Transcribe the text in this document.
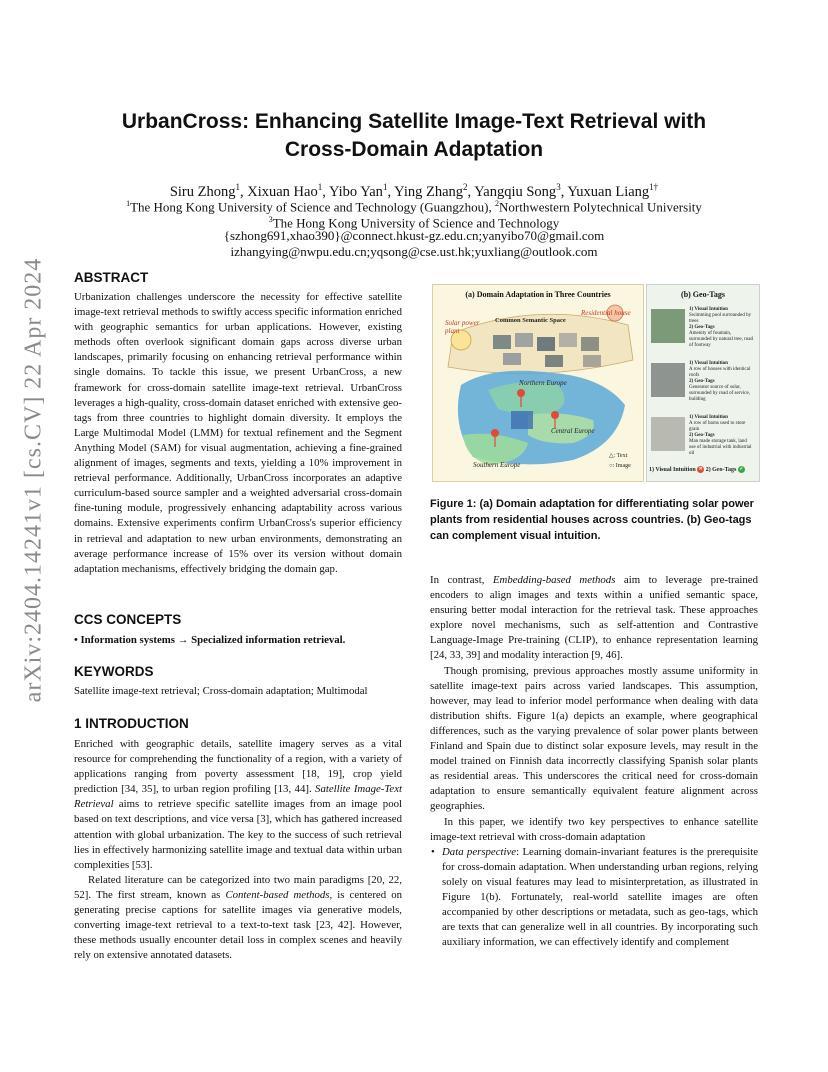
arXiv:2404.14241v1 [cs.CV] 22 Apr 2024
UrbanCross: Enhancing Satellite Image-Text Retrieval with Cross-Domain Adaptation
Siru Zhong$^1$, Xixuan Hao$^1$, Yibo Yan$^1$, Ying Zhang$^2$, Yangqiu Song$^3$, Yuxuan Liang$^{1\dagger}$
$^1$The Hong Kong University of Science and Technology (Guangzhou), $^2$Northwestern Polytechnical University
$^3$The Hong Kong University of Science and Technology
{szhong691,xhao390}@connect.hkust-gz.edu.cn;yanyibo70@gmail.com
izhangying@nwpu.edu.cn;yqsong@cse.ust.hk;yuxliang@outlook.com
ABSTRACT

Urbanization challenges underscore the necessity for effective satellite image-text retrieval methods to swiftly access specific information enriched with geographic semantics for urban applications. However, existing methods often overlook significant domain gaps across diverse urban landscapes, primarily focusing on enhancing retrieval performance within single domains. To tackle this issue, we present UrbanCross, a new framework for cross-domain satellite image-text retrieval. UrbanCross leverages a high-quality, cross-domain dataset enriched with extensive geo-tags from three countries to highlight domain diversity. It employs the Large Multimodal Model (LMM) for textual refinement and the Segment Anything Model (SAM) for visual augmentation, achieving a fine-grained alignment of images, segments and texts, yielding a 10% improvement in retrieval performance. Additionally, UrbanCross incorporates an adaptive curriculum-based source sampler and a weighted adversarial cross-domain fine-tuning module, progressively enhancing adaptability across various domains. Extensive experiments confirm UrbanCross's superior efficiency in retrieval and adaptation to new urban environments, demonstrating an average performance increase of 15% over its version without domain adaptation mechanisms, effectively bridging the domain gap.

CCS CONCEPTS
• Information systems → Specialized information retrieval.
KEYWORDS
Satellite image-text retrieval; Cross-domain adaptation; Multimodal
1 INTRODUCTION

Enriched with geographic details, satellite imagery serves as a vital resource for comprehending the functionality of a region, with a variety of applications ranging from poverty assessment [18, 19], crop yield prediction [34, 35], to urban region profiling [13, 44]. Satellite Image-Text Retrieval aims to retrieve specific satellite images from an image pool based on text descriptions, and vice versa [3], which has gathered increased attention with global urbanization. The key to the success of such retrieval lies in effectively harmonizing satellite image and textual data within urban complexities [53].

Related literature can be categorized into two main paradigms [20, 22, 52]. The first stream, known as Content-based methods, is centered on generating precise captions for satellite images via generative models, converting image-text retrieval to a text-to-text task [23, 42]. However, these methods usually encounter detail loss in complex scenes and heavily rely on extensive annotated datasets.

(a) Domain Adaptation in Three Countries
Solar power plant
Residential house
Common Semantic Space
Northern Europe
Central Europe
Southern Europe
△: Text
○: Image
(b) Geo-Tags
1) Visual Intuition
Swimming pool surrounded by trees
2) Geo-Tags
Amenity of fountain, surrounded by natural tree, road of footway
1) Visual Intuition
A row of houses with identical roofs
2) Geo-Tags
Generator source of solar, surrounded by road of service, building
1) Visual Intuition
A row of barns used to store grain
2) Geo-Tags
Man made storage tank, land use of industrial with industrial oil
1) Visual Intuition ✕ 2) Geo-Tags ✓
Figure 1: (a) Domain adaptation for differentiating solar power plants from residential houses across countries. (b) Geo-tags can complement visual intuition.

In contrast, Embedding-based methods aim to leverage pre-trained encoders to align images and texts within a unified semantic space, ensuring better modal interaction for the retrieval task. These approaches explore novel mechanisms, such as self-attention and Contrastive Language-Image Pre-training (CLIP), to enhance representation learning [24, 33, 39] and modality interaction [9, 46].

Though promising, previous approaches mostly assume uniformity in satellite image-text pairs across varied landscapes. This assumption, however, may lead to inferior model performance when dealing with data distribution shifts. Figure 1(a) depicts an example, where geographical differences, such as the varying prevalence of solar power plants between Finland and Spain due to distinct solar exposure levels, may result in the model trained on Finnish data incorrectly classifying Spanish solar plants as residential areas. This underscores the critical need for cross-domain adaptation to ensure semantically equivalent feature alignment across geographies.

In this paper, we identify two key perspectives to enhance satellite image-text retrieval with cross-domain adaptation

• Data perspective: Learning domain-invariant features is the prerequisite for cross-domain adaptation. When understanding urban regions, relying solely on visual features may lead to misinterpretation, as illustrated in Figure 1(b). Fortunately, real-world satellite images are often accompanied by other descriptions or metadata, such as geo-tags, which are texts that can generalize well in all countries. By incorporating such auxiliary information, we can effectively identify and complement
